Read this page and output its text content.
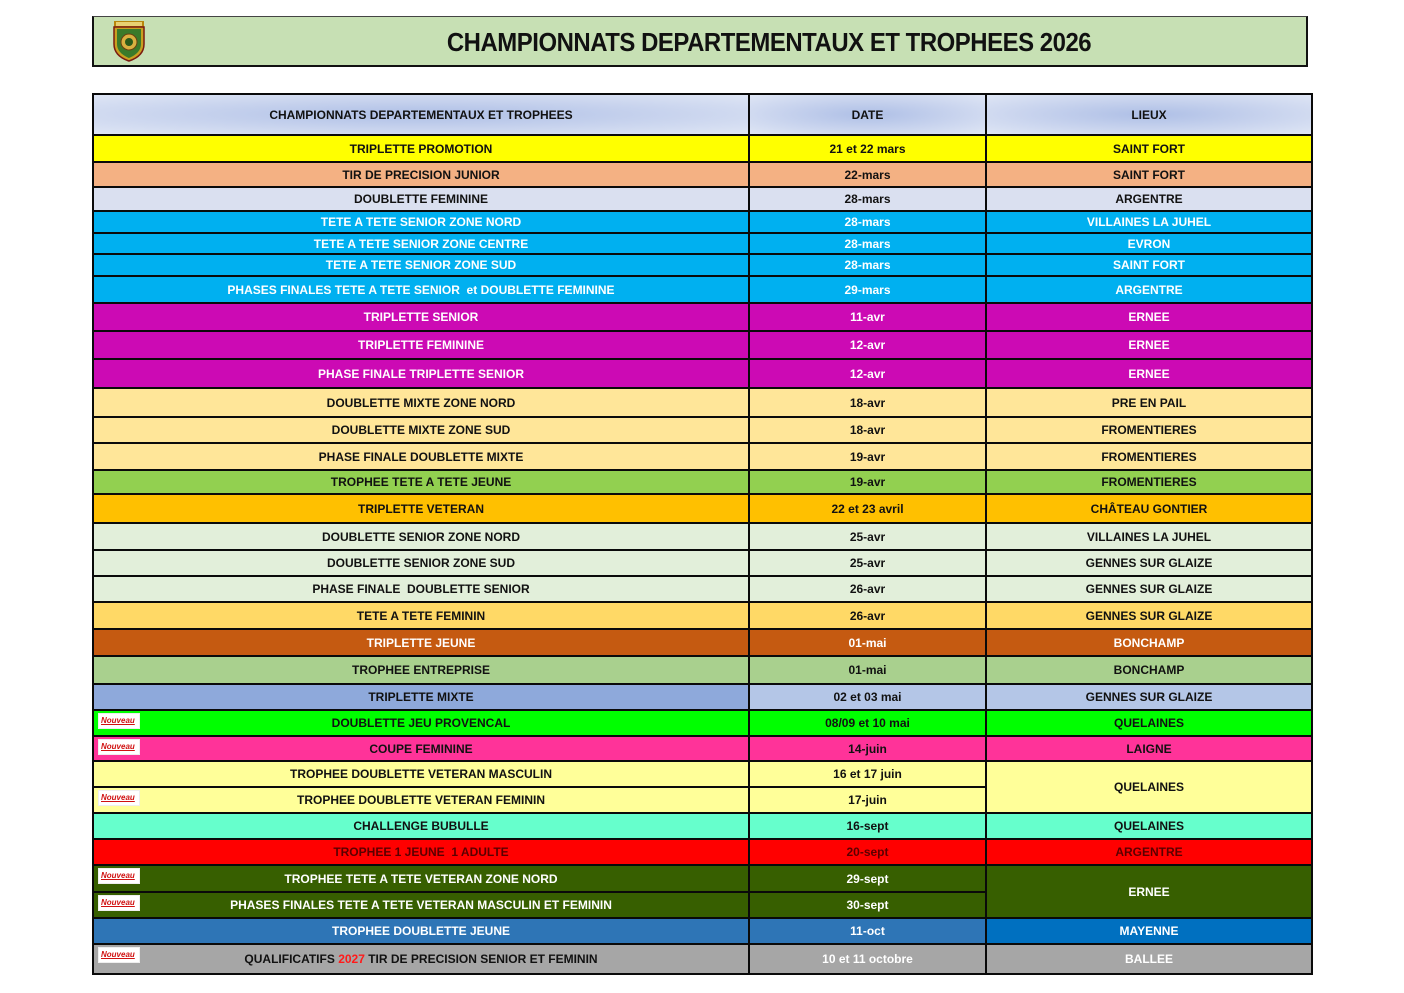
CHAMPIONNATS DEPARTEMENTAUX ET TROPHEES 2026
CHAMPIONNATS DEPARTEMENTAUX ET TROPHEES	DATE	LIEUX
TRIPLETTE PROMOTION	21 et 22 mars	SAINT FORT
TIR DE PRECISION JUNIOR	22-mars	SAINT FORT
DOUBLETTE FEMININE	28-mars	ARGENTRE
TETE A TETE SENIOR ZONE NORD	28-mars	VILLAINES LA JUHEL
TETE A TETE SENIOR ZONE CENTRE	28-mars	EVRON
TETE A TETE SENIOR ZONE SUD	28-mars	SAINT FORT
PHASES FINALES TETE A TETE SENIOR  et DOUBLETTE FEMININE	29-mars	ARGENTRE
TRIPLETTE SENIOR	11-avr	ERNEE
TRIPLETTE FEMININE	12-avr	ERNEE
PHASE FINALE TRIPLETTE SENIOR	12-avr	ERNEE
DOUBLETTE MIXTE ZONE NORD	18-avr	PRE EN PAIL
DOUBLETTE MIXTE ZONE SUD	18-avr	FROMENTIERES
PHASE FINALE DOUBLETTE MIXTE	19-avr	FROMENTIERES
TROPHEE TETE A TETE JEUNE	19-avr	FROMENTIERES
TRIPLETTE VETERAN	22 et 23 avril	CHÂTEAU GONTIER
DOUBLETTE SENIOR ZONE NORD	25-avr	VILLAINES LA JUHEL
DOUBLETTE SENIOR ZONE SUD	25-avr	GENNES SUR GLAIZE
PHASE FINALE  DOUBLETTE SENIOR	26-avr	GENNES SUR GLAIZE
TETE A TETE FEMININ	26-avr	GENNES SUR GLAIZE
TRIPLETTE JEUNE	01-mai	BONCHAMP
TROPHEE ENTREPRISE	01-mai	BONCHAMP
TRIPLETTE MIXTE	02 et 03 mai	GENNES SUR GLAIZE

Nouveau DOUBLETTE JEU PROVENCAL	08/09 et 10 mai	QUELAINES

Nouveau COUPE FEMININE	14-juin	LAIGNE
TROPHEE DOUBLETTE VETERAN MASCULIN	16 et 17 juin	QUELAINES

Nouveau TROPHEE DOUBLETTE VETERAN FEMININ	17-juin	
CHALLENGE BUBULLE	16-sept	QUELAINES
TROPHEE 1 JEUNE  1 ADULTE	20-sept	ARGENTRE

Nouveau TROPHEE TETE A TETE VETERAN ZONE NORD	29-sept	ERNEE

Nouveau PHASES FINALES TETE A TETE VETERAN MASCULIN ET FEMININ	30-sept	
TROPHEE DOUBLETTE JEUNE	11-oct	MAYENNE

Nouveau QUALIFICATIFS 2027 TIR DE PRECISION SENIOR ET FEMININ	10 et 11 octobre	BALLEE
